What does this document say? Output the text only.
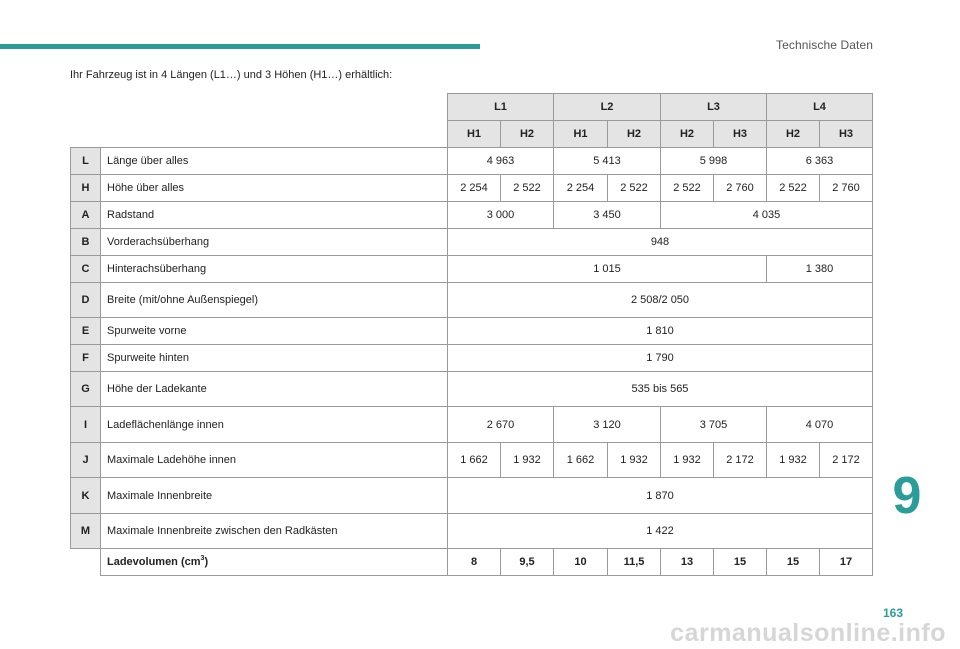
Technische Daten
Ihr Fahrzeug ist in 4 Längen (L1…) und 3 Höhen (H1…) erhältlich:
		L1		L2		L3		L4	
		H1	H2	H1	H2	H2	H3	H2	H3
L	Länge über alles	4 963		5 413		5 998		6 363	
H	Höhe über alles	2 254	2 522	2 254	2 522	2 522	2 760	2 522	2 760
A	Radstand	3 000		3 450		4 035			
B	Vorderachsüberhang	948							
C	Hinterachsüberhang	1 015						1 380	
D	Breite (mit/ohne Außenspiegel)	2 508/2 050							
E	Spurweite vorne	1 810							
F	Spurweite hinten	1 790							
G	Höhe der Ladekante	535 bis 565							
I	Ladeflächenlänge innen	2 670		3 120		3 705		4 070	
J	Maximale Ladehöhe innen	1 662	1 932	1 662	1 932	1 932	2 172	1 932	2 172
K	Maximale Innenbreite	1 870							
M	Maximale Innenbreite zwischen den Radkästen	1 422							
	Ladevolumen $(cm^3)$	8	9,5	10	11,5	13	15	15	17
9
163
carmanualsonline.info
